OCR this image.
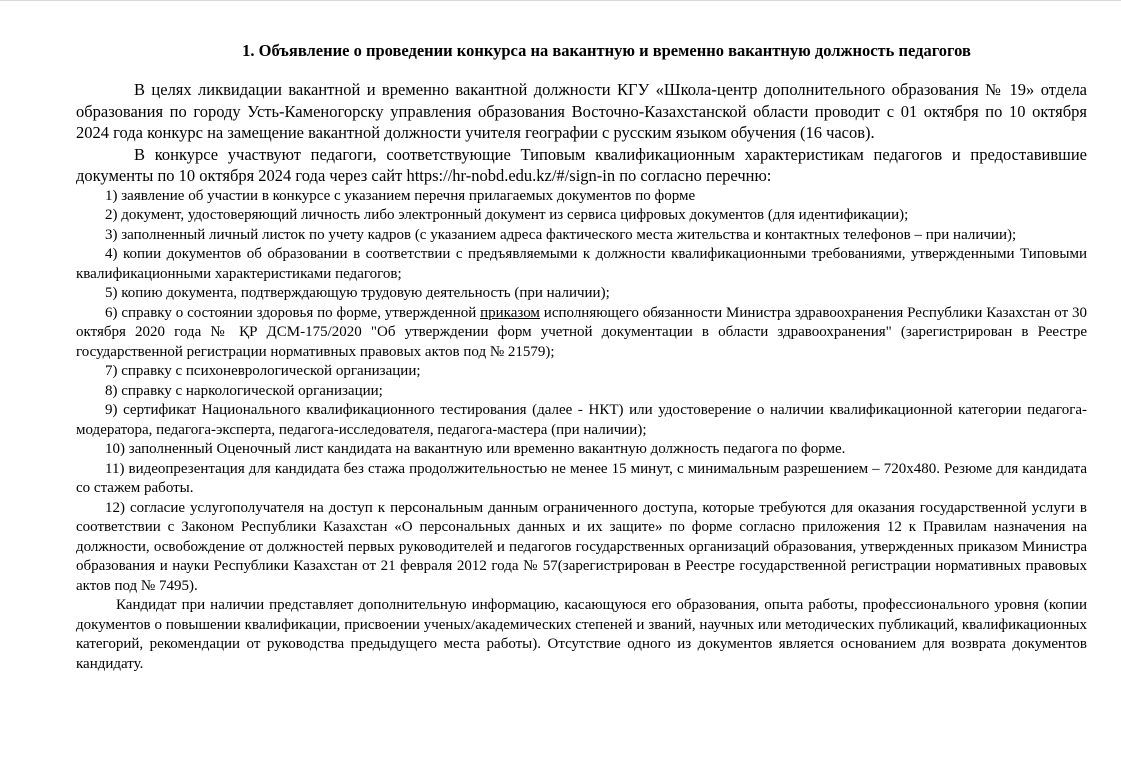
1. Объявление о проведении конкурса на вакантную и временно вакантную должность педагогов

В целях ликвидации вакантной и временно вакантной должности КГУ «Школа-центр дополнительного образования № 19» отдела образования по городу Усть-Каменогорску управления образования Восточно-Казахстанской области проводит с 01 октября по 10 октября 2024 года конкурс на замещение вакантной должности учителя географии с русским языком обучения (16 часов).

В конкурсе участвуют педагоги, соответствующие Типовым квалификационным характеристикам педагогов и предоставившие документы по 10 октября 2024 года через сайт https://hr-nobd.edu.kz/#/sign-in по согласно перечню:

1) заявление об участии в конкурсе с указанием перечня прилагаемых документов по форме

2) документ, удостоверяющий личность либо электронный документ из сервиса цифровых документов (для идентификации);

3) заполненный личный листок по учету кадров (с указанием адреса фактического места жительства и контактных телефонов – при наличии);

4) копии документов об образовании в соответствии с предъявляемыми к должности квалификационными требованиями, утвержденными Типовыми квалификационными характеристиками педагогов;

5) копию документа, подтверждающую трудовую деятельность (при наличии);

6) справку о состоянии здоровья по форме, утвержденной приказом исполняющего обязанности Министра здравоохранения Республики Казахстан от 30 октября 2020 года № ҚР ДСМ-175/2020 "Об утверждении форм учетной документации в области здравоохранения" (зарегистрирован в Реестре государственной регистрации нормативных правовых актов под № 21579);

7) справку с психоневрологической организации;

8) справку с наркологической организации;

9) сертификат Национального квалификационного тестирования (далее - НКТ) или удостоверение о наличии квалификационной категории педагога-модератора, педагога-эксперта, педагога-исследователя, педагога-мастера (при наличии);

10) заполненный Оценочный лист кандидата на вакантную или временно вакантную должность педагога по форме.

11) видеопрезентация для кандидата без стажа продолжительностью не менее 15 минут, с минимальным разрешением – 720x480. Резюме для кандидата со стажем работы.

12) согласие услугополучателя на доступ к персональным данным ограниченного доступа, которые требуются для оказания государственной услуги в соответствии с Законом Республики Казахстан «О персональных данных и их защите» по форме согласно приложения 12 к Правилам назначения на должности, освобождение от должностей первых руководителей и педагогов государственных организаций образования, утвержденных приказом Министра образования и науки Республики Казахстан от 21 февраля 2012 года № 57(зарегистрирован в Реестре государственной регистрации нормативных правовых актов под № 7495).

Кандидат при наличии представляет дополнительную информацию, касающуюся его образования, опыта работы, профессионального уровня (копии документов о повышении квалификации, присвоении ученых/академических степеней и званий, научных или методических публикаций, квалификационных категорий, рекомендации от руководства предыдущего места работы). Отсутствие одного из документов является основанием для возврата документов кандидату.
